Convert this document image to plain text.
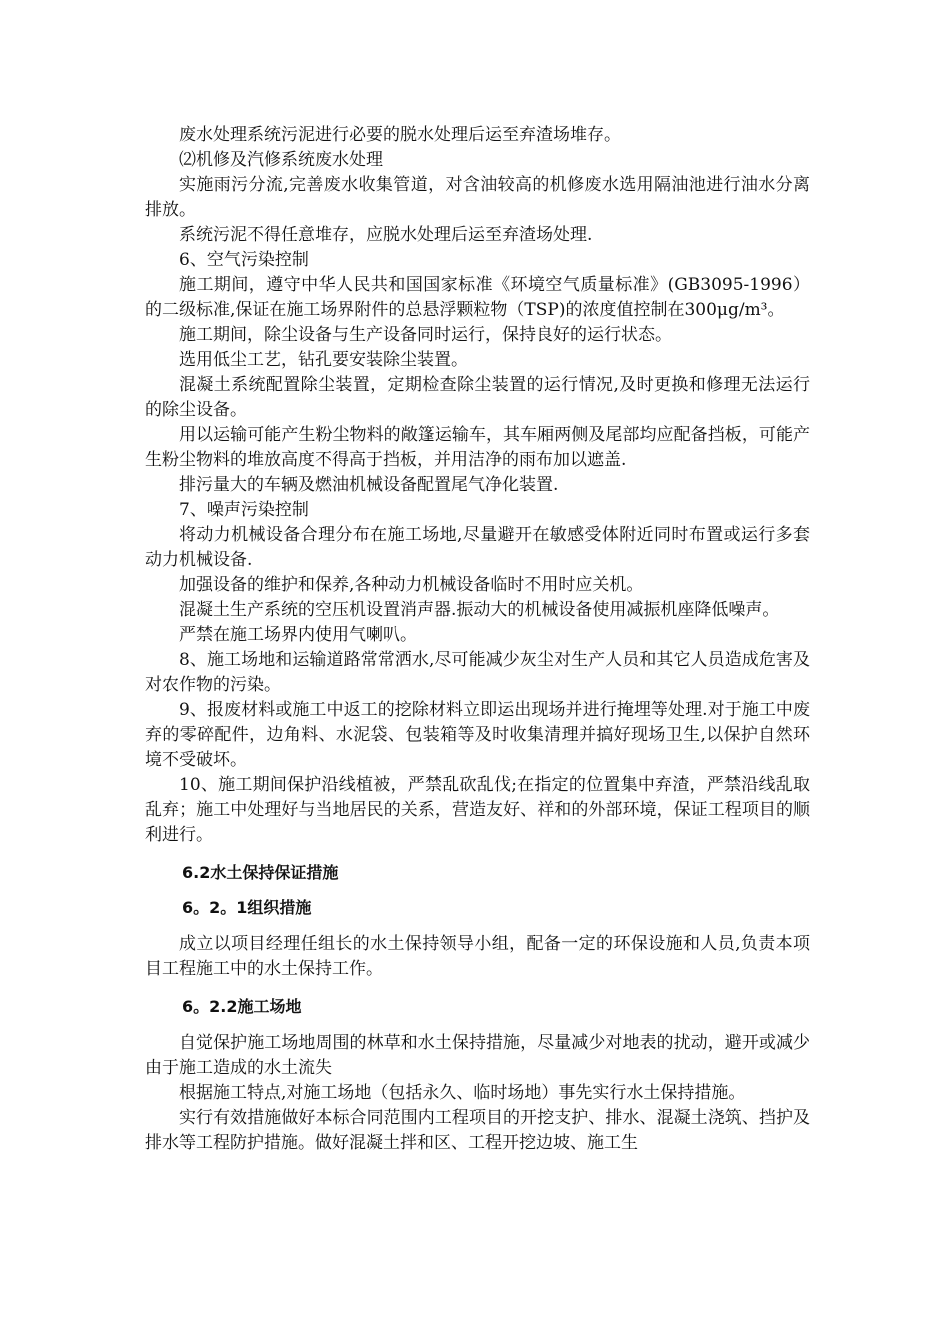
废水处理系统污泥进行必要的脱水处理后运至弃渣场堆存。

⑵机修及汽修系统废水处理

实施雨污分流,完善废水收集管道，对含油较高的机修废水选用隔油池进行油水分离排放。

系统污泥不得任意堆存，应脱水处理后运至弃渣场处理.

6、空气污染控制

施工期间，遵守中华人民共和国国家标准《环境空气质量标准》(GB3095-1996）的二级标准,保证在施工场界附件的总悬浮颗粒物（TSP)的浓度值控制在300μg/m³。

施工期间，除尘设备与生产设备同时运行，保持良好的运行状态。

选用低尘工艺，钻孔要安装除尘装置。

混凝土系统配置除尘装置，定期检查除尘装置的运行情况,及时更换和修理无法运行的除尘设备。

用以运输可能产生粉尘物料的敞篷运输车，其车厢两侧及尾部均应配备挡板，可能产生粉尘物料的堆放高度不得高于挡板，并用洁净的雨布加以遮盖.

排污量大的车辆及燃油机械设备配置尾气净化装置.

7、噪声污染控制

将动力机械设备合理分布在施工场地,尽量避开在敏感受体附近同时布置或运行多套动力机械设备.

加强设备的维护和保养,各种动力机械设备临时不用时应关机。

混凝土生产系统的空压机设置消声器.振动大的机械设备使用减振机座降低噪声。

严禁在施工场界内使用气喇叭。

8、施工场地和运输道路常常洒水,尽可能减少灰尘对生产人员和其它人员造成危害及对农作物的污染。

9、报废材料或施工中返工的挖除材料立即运出现场并进行掩埋等处理.对于施工中废弃的零碎配件，边角料、水泥袋、包装箱等及时收集清理并搞好现场卫生,以保护自然环境不受破坏。

10、施工期间保护沿线植被，严禁乱砍乱伐;在指定的位置集中弃渣，严禁沿线乱取乱弃；施工中处理好与当地居民的关系，营造友好、祥和的外部环境，保证工程项目的顺利进行。

6.2水土保持保证措施

6。2。1组织措施

成立以项目经理任组长的水土保持领导小组，配备一定的环保设施和人员,负责本项目工程施工中的水土保持工作。

6。2.2施工场地

自觉保护施工场地周围的林草和水土保持措施，尽量减少对地表的扰动，避开或减少由于施工造成的水土流失

根据施工特点,对施工场地（包括永久、临时场地）事先实行水土保持措施。

实行有效措施做好本标合同范围内工程项目的开挖支护、排水、混凝土浇筑、挡护及排水等工程防护措施。做好混凝土拌和区、工程开挖边坡、施工生
